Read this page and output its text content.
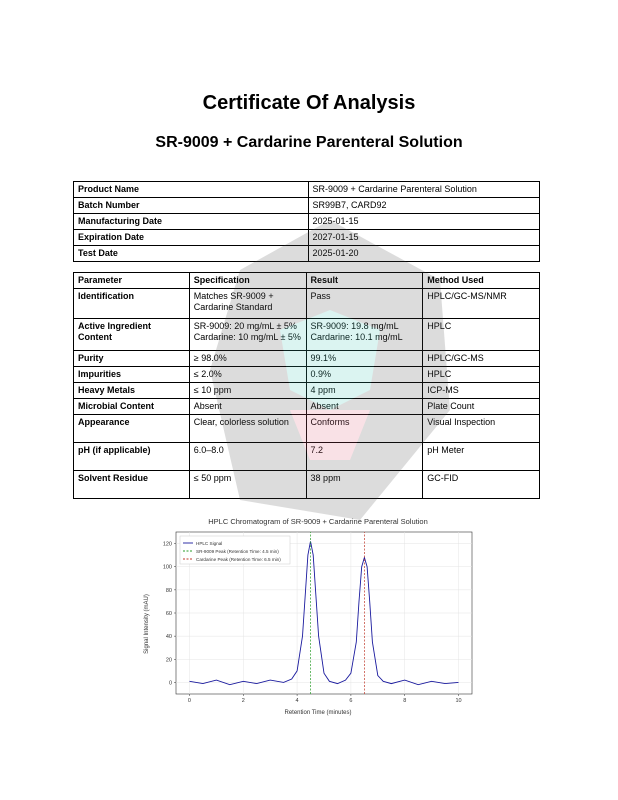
Certificate Of Analysis
SR-9009 + Cardarine Parenteral Solution
Product Name	SR-9009 + Cardarine Parenteral Solution
Batch Number	SR99B7, CARD92
Manufacturing Date	2025-01-15
Expiration Date	2027-01-15
Test Date	2025-01-20
Parameter	Specification	Result	Method Used
Identification	Matches SR-9009 + Cardarine Standard	Pass	HPLC/GC-MS/NMR
Active Ingredient Content	SR-9009: 20 mg/mL ± 5% Cardarine: 10 mg/mL ± 5%	SR-9009: 19.8 mg/mL Cardarine: 10.1 mg/mL	HPLC
Purity	≥ 98.0%	99.1%	HPLC/GC-MS
Impurities	≤ 2.0%	0.9%	HPLC
Heavy Metals	≤ 10 ppm	4 ppm	ICP-MS
Microbial Content	Absent	Absent	Plate Count
Appearance	Clear, colorless solution	Conforms	Visual Inspection
pH (if applicable)	6.0–8.0	7.2	pH Meter
Solvent Residue	≤ 50 ppm	38 ppm	GC-FID
HPLC Chromatogram of SR-9009 + Cardarine Parenteral Solution
Retention Time (minutes)
Signal Intensity (mAU)
0	2	4	6	8	10
0
20
40
60
80
100
120	HPLC Signal
SR-9009 Peak (Retention Time: 4.5 min)
Cardarine Peak (Retention Time: 6.5 min)
